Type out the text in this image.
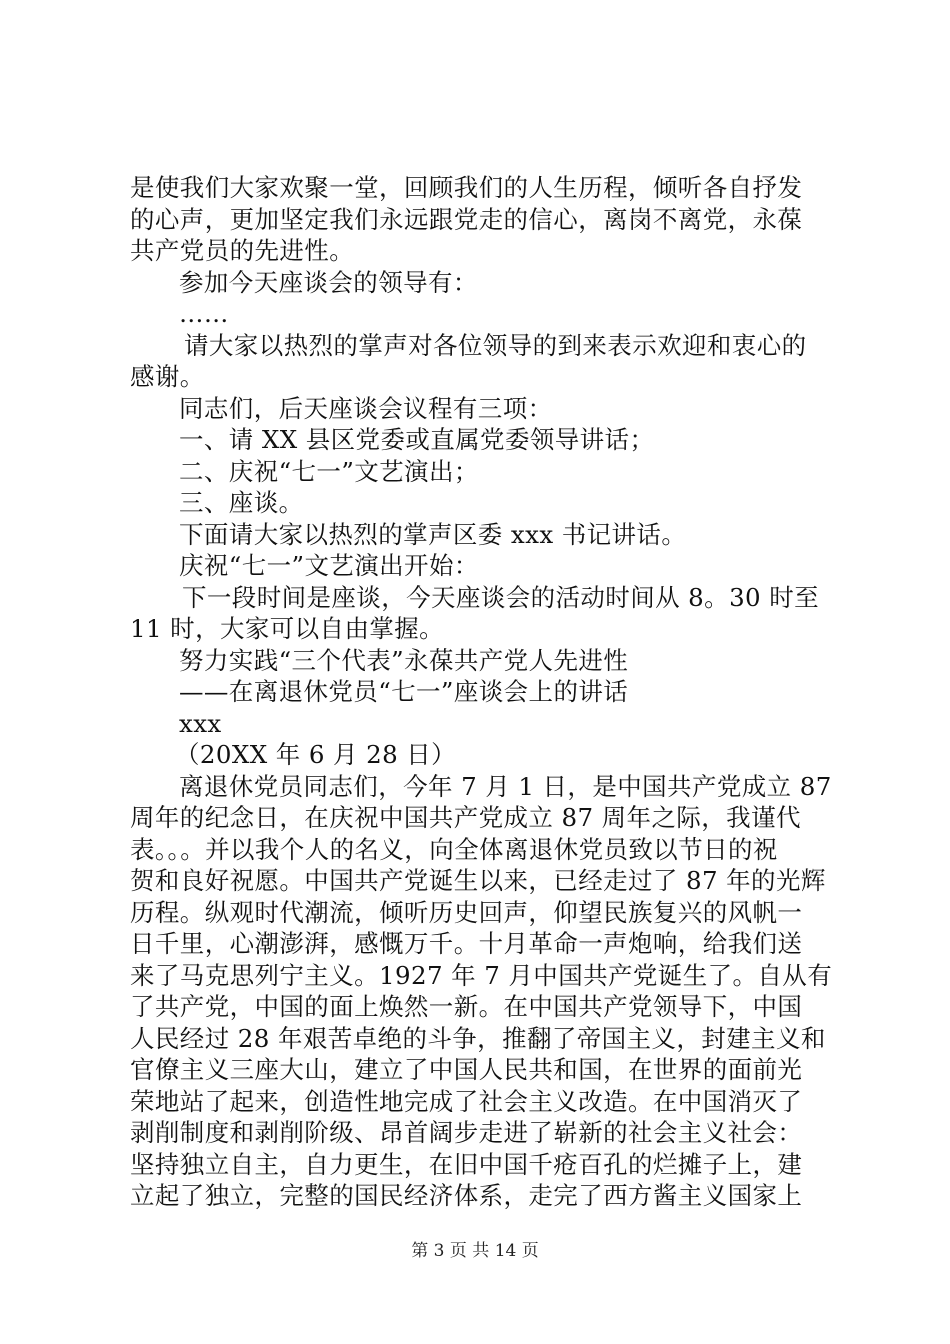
是使我们大家欢聚一堂，回顾我们的人生历程，倾听各自抒发
的心声，更加坚定我们永远跟党走的信心，离岗不离党，永葆
共产党员的先进性。
参加今天座谈会的领导有：
……
请大家以热烈的掌声对各位领导的到来表示欢迎和衷心的
感谢。
同志们，后天座谈会议程有三项：
一、请 XX 县区党委或直属党委领导讲话；
二、庆祝“七一”文艺演出；
三、座谈。
下面请大家以热烈的掌声区委 xxx 书记讲话。
庆祝“七一”文艺演出开始：
下一段时间是座谈，今天座谈会的活动时间从 8。30 时至
11 时，大家可以自由掌握。
努力实践“三个代表”永葆共产党人先进性
——在离退休党员“七一”座谈会上的讲话
xxx
（20XX 年 6 月 28 日）
离退休党员同志们，今年 7 月 1 日，是中国共产党成立 87
周年的纪念日，在庆祝中国共产党成立 87 周年之际，我谨代
表。。。并以我个人的名义，向全体离退休党员致以节日的祝
贺和良好祝愿。中国共产党诞生以来，已经走过了 87 年的光辉
历程。纵观时代潮流，倾听历史回声，仰望民族复兴的风帆一
日千里，心潮澎湃，感慨万千。十月革命一声炮响，给我们送
来了马克思列宁主义。1927 年 7 月中国共产党诞生了。自从有
了共产党，中国的面上焕然一新。在中国共产党领导下，中国
人民经过 28 年艰苦卓绝的斗争，推翻了帝国主义，封建主义和
官僚主义三座大山，建立了中国人民共和国，在世界的面前光
荣地站了起来，创造性地完成了社会主义改造。在中国消灭了
剥削制度和剥削阶级、昂首阔步走进了崭新的社会主义社会：
坚持独立自主，自力更生，在旧中国千疮百孔的烂摊子上，建
立起了独立，完整的国民经济体系，走完了西方酱主义国家上
第 3 页 共 14 页
